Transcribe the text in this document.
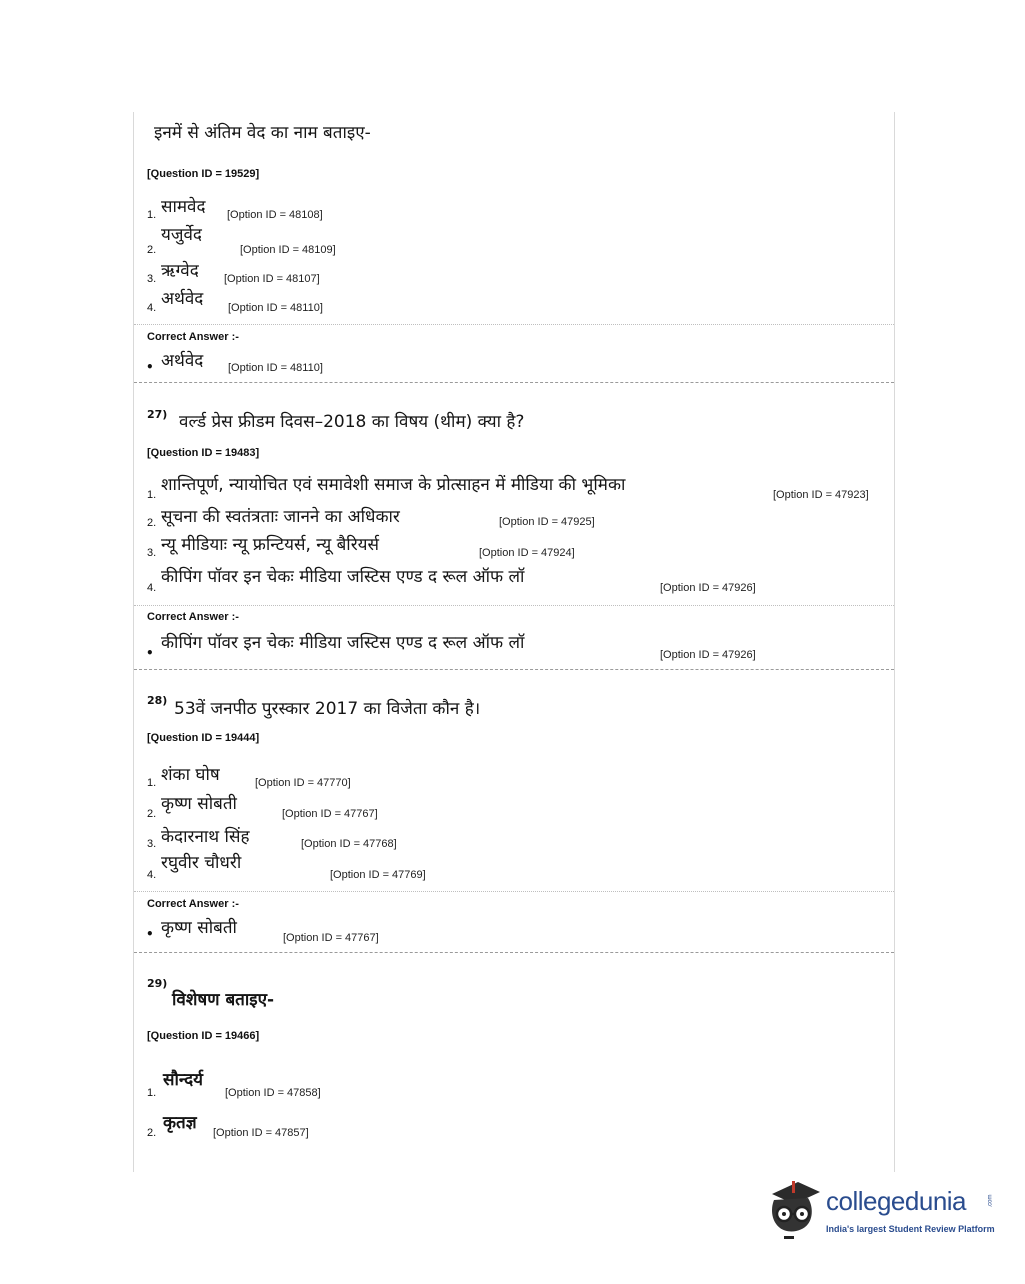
इनमें से अंतिम वेद का नाम बताइए-
[Question ID = 19529]
1. सामवेद [Option ID = 48108]
2.
यजुर्वेद
[Option ID = 48109]
3. ऋग्वेद [Option ID = 48107]
4. अर्थवेद [Option ID = 48110]
Correct Answer :-
• अर्थवेद [Option ID = 48110]
27) वर्ल्ड प्रेस फ्रीडम दिवस–2018 का विषय (थीम) क्या है?
[Question ID = 19483]
1. शान्तिपूर्ण, न्यायोचित एवं समावेशी समाज के प्रोत्साहन में मीडिया की भूमिका	[Option ID = 47923]
2. सूचना की स्वतंत्रताः जानने का अधिकार	[Option ID = 47925]
3. न्यू मीडियाः न्यू फ्रन्टियर्स, न्यू बैरियर्स	[Option ID = 47924]
4.
कीपिंग पॉवर इन चेकः मीडिया जस्टिस एण्ड द रूल ऑफ लॉ
[Option ID = 47926]
Correct Answer :-
• कीपिंग पॉवर इन चेकः मीडिया जस्टिस एण्ड द रूल ऑफ लॉ
[Option ID = 47926]
28) 53वें जनपीठ पुरस्कार 2017 का विजेता कौन है।
[Question ID = 19444]
1. शंका घोष	[Option ID = 47770]
2. कृष्ण सोबती	[Option ID = 47767]
3. केदारनाथ सिंह	[Option ID = 47768]
4.
रघुवीर चौधरी
[Option ID = 47769]
Correct Answer :-
• कृष्ण सोबती	[Option ID = 47767]
29)
विशेषण बताइए-
[Question ID = 19466]
1.
सौन्दर्य
[Option ID = 47858]
2. कृतज्ञ [Option ID = 47857]
collegedunia	.com
India's largest Student Review Platform
